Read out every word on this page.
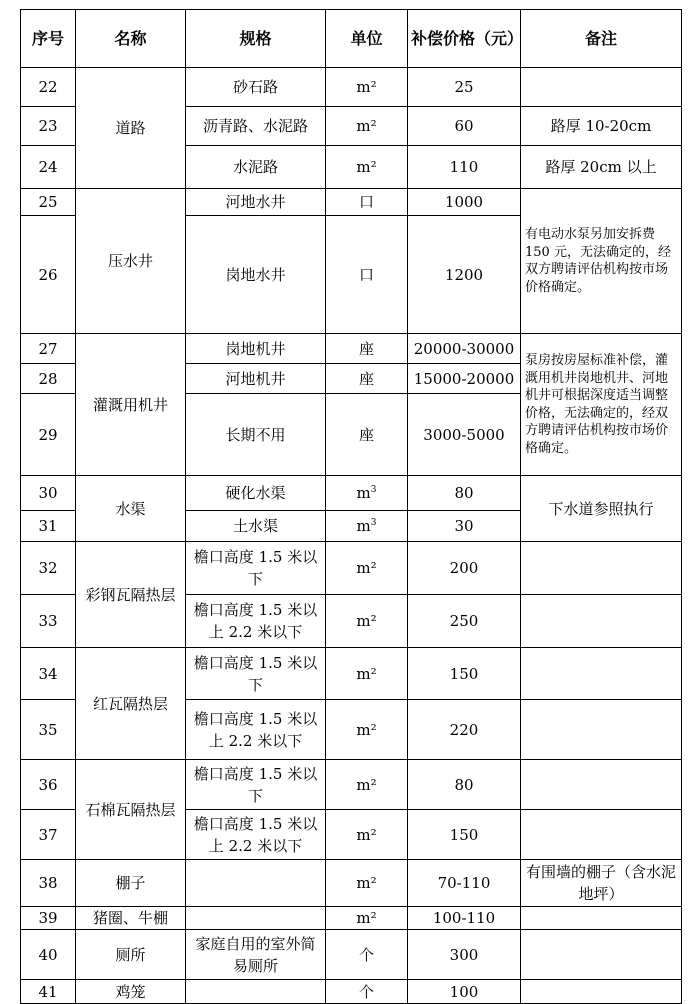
序号	名称	规格	单位	补偿价格（元）	备注
22	道路	砂石路	m²	25	
23		沥青路、水泥路	m²	60	路厚 10-20cm
24		水泥路	m²	110	路厚 20cm 以上
25	压水井	河地水井	口	1000	有电动水泵另加安拆费 150 元，无法确定的，经双方聘请评估机构按市场价格确定。
26		岗地水井	口	1200	
27	灌溉用机井	岗地机井	座	20000-30000	泵房按房屋标准补偿，灌溉用机井岗地机井、河地机井可根据深度适当调整价格，无法确定的，经双方聘请评估机构按市场价格确定。
28		河地机井	座	15000-20000	
29		长期不用	座	3000-5000	
30	水渠	硬化水渠	$m^3$	80	下水道参照执行
31		土水渠	$m^3$	30	
32	彩钢瓦隔热层	檐口高度 1.5 米以下	m²	200	
33		檐口高度 1.5 米以上 2.2 米以下	m²	250	
34	红瓦隔热层	檐口高度 1.5 米以下	m²	150	
35		檐口高度 1.5 米以上 2.2 米以下	m²	220	
36	石棉瓦隔热层	檐口高度 1.5 米以下	m²	80	
37		檐口高度 1.5 米以上 2.2 米以下	m²	150	
38	棚子		m²	70-110	有围墙的棚子（含水泥地坪）
39	猪圈、牛棚		m²	100-110	
40	厕所	家庭自用的室外简易厕所	个	300	
41	鸡笼		个	100	
